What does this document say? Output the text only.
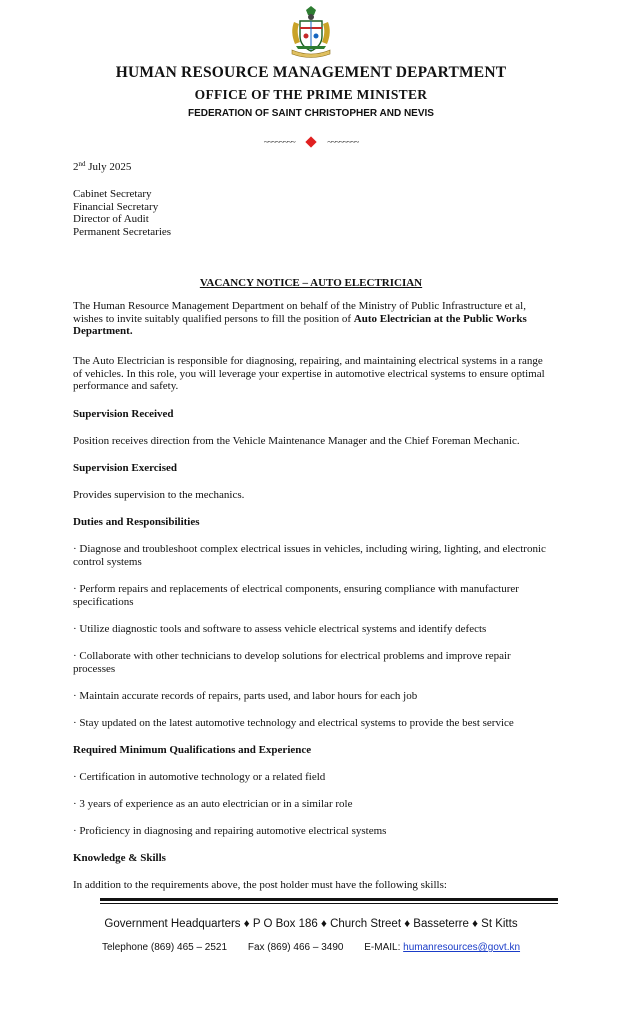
HUMAN RESOURCE MANAGEMENT DEPARTMENT
OFFICE OF THE PRIME MINISTER
FEDERATION OF SAINT CHRISTOPHER AND NEVIS
~~~~~~~~	~~~~~~~~
2nd July 2025
Cabinet Secretary
Financial Secretary
Director of Audit
Permanent Secretaries
VACANCY NOTICE – AUTO ELECTRICIAN
The Human Resource Management Department on behalf of the Ministry of Public Infrastructure et al, wishes to invite suitably qualified persons to fill the position of Auto Electrician at the Public Works Department.
The Auto Electrician is responsible for diagnosing, repairing, and maintaining electrical systems in a range of vehicles. In this role, you will leverage your expertise in automotive electrical systems to ensure optimal performance and safety.
Supervision Received
Position receives direction from the Vehicle Maintenance Manager and the Chief Foreman Mechanic.
Supervision Exercised
Provides supervision to the mechanics.
Duties and Responsibilities
· Diagnose and troubleshoot complex electrical issues in vehicles, including wiring, lighting, and electronic control systems
· Perform repairs and replacements of electrical components, ensuring compliance with manufacturer specifications
· Utilize diagnostic tools and software to assess vehicle electrical systems and identify defects
· Collaborate with other technicians to develop solutions for electrical problems and improve repair processes
· Maintain accurate records of repairs, parts used, and labor hours for each job
· Stay updated on the latest automotive technology and electrical systems to provide the best service
Required Minimum Qualifications and Experience
· Certification in automotive technology or a related field
· 3 years of experience as an auto electrician or in a similar role
· Proficiency in diagnosing and repairing automotive electrical systems
Knowledge & Skills
In addition to the requirements above, the post holder must have the following skills:
Government Headquarters ♦ P O Box 186 ♦ Church Street ♦ Basseterre ♦ St Kitts
Telephone (869) 465 – 2521 Fax (869) 466 – 3490 E-MAIL: humanresources@govt.kn
